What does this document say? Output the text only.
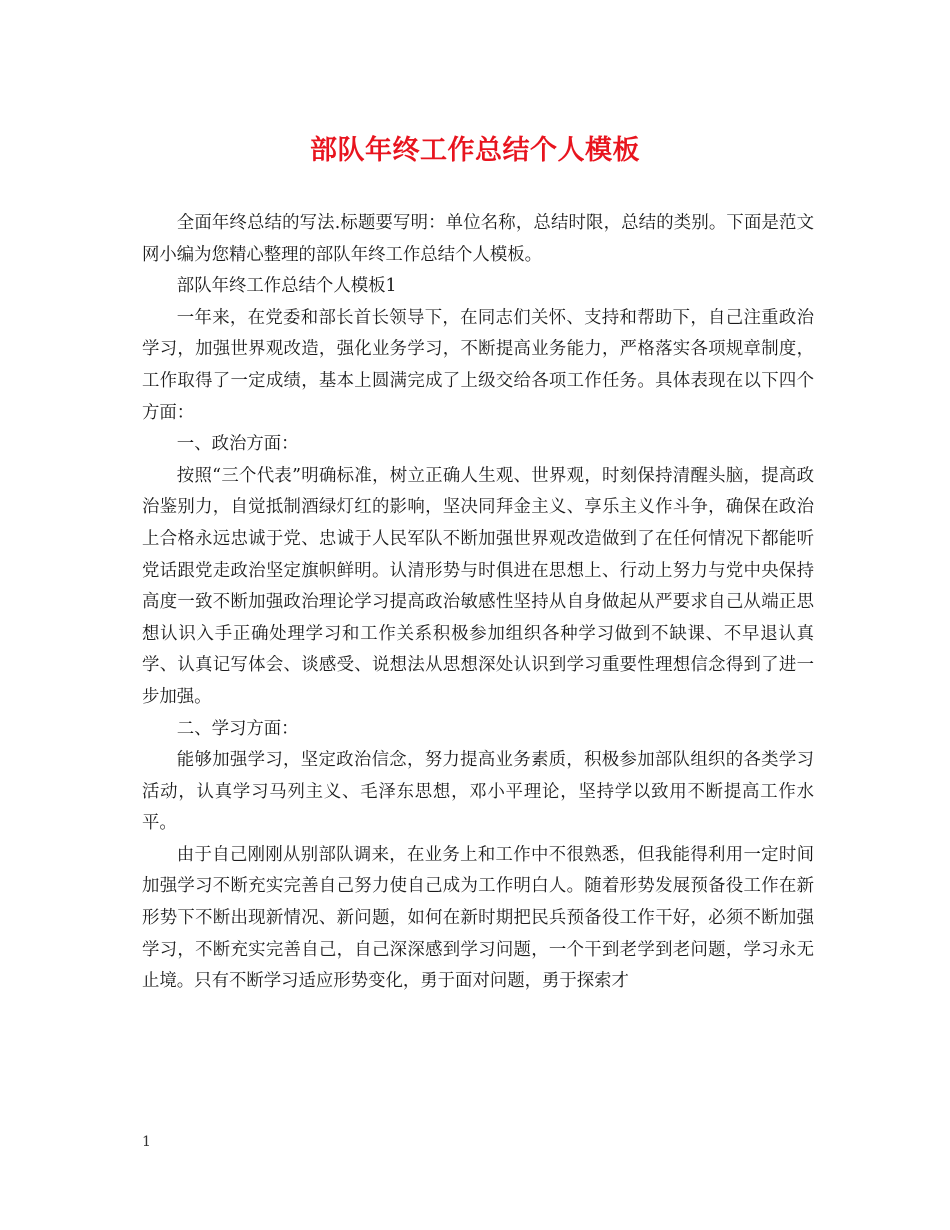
部队年终工作总结个人模板

全面年终总结的写法.标题要写明：单位名称，总结时限，总结的类别。下面是范文网小编为您精心整理的部队年终工作总结个人模板。

部队年终工作总结个人模板1

一年来，在党委和部长首长领导下，在同志们关怀、支持和帮助下，自己注重政治学习，加强世界观改造，强化业务学习，不断提高业务能力，严格落实各项规章制度，工作取得了一定成绩，基本上圆满完成了上级交给各项工作任务。具体表现在以下四个方面：

一、政治方面：

按照“三个代表”明确标准，树立正确人生观、世界观，时刻保持清醒头脑，提高政治鉴别力，自觉抵制酒绿灯红的影响，坚决同拜金主义、享乐主义作斗争，确保在政治上合格永远忠诚于党、忠诚于人民军队不断加强世界观改造做到了在任何情况下都能听党话跟党走政治坚定旗帜鲜明。认清形势与时俱进在思想上、行动上努力与党中央保持高度一致不断加强政治理论学习提高政治敏感性坚持从自身做起从严要求自己从端正思想认识入手正确处理学习和工作关系积极参加组织各种学习做到不缺课、不早退认真学、认真记写体会、谈感受、说想法从思想深处认识到学习重要性理想信念得到了进一步加强。

二、学习方面：

能够加强学习，坚定政治信念，努力提高业务素质，积极参加部队组织的各类学习活动，认真学习马列主义、毛泽东思想，邓小平理论，坚持学以致用不断提高工作水平。

由于自己刚刚从别部队调来，在业务上和工作中不很熟悉，但我能得利用一定时间加强学习不断充实完善自己努力使自己成为工作明白人。随着形势发展预备役工作在新形势下不断出现新情况、新问题，如何在新时期把民兵预备役工作干好，必须不断加强学习，不断充实完善自己，自己深深感到学习问题，一个干到老学到老问题，学习永无止境。只有不断学习适应形势变化，勇于面对问题，勇于探索才

1
